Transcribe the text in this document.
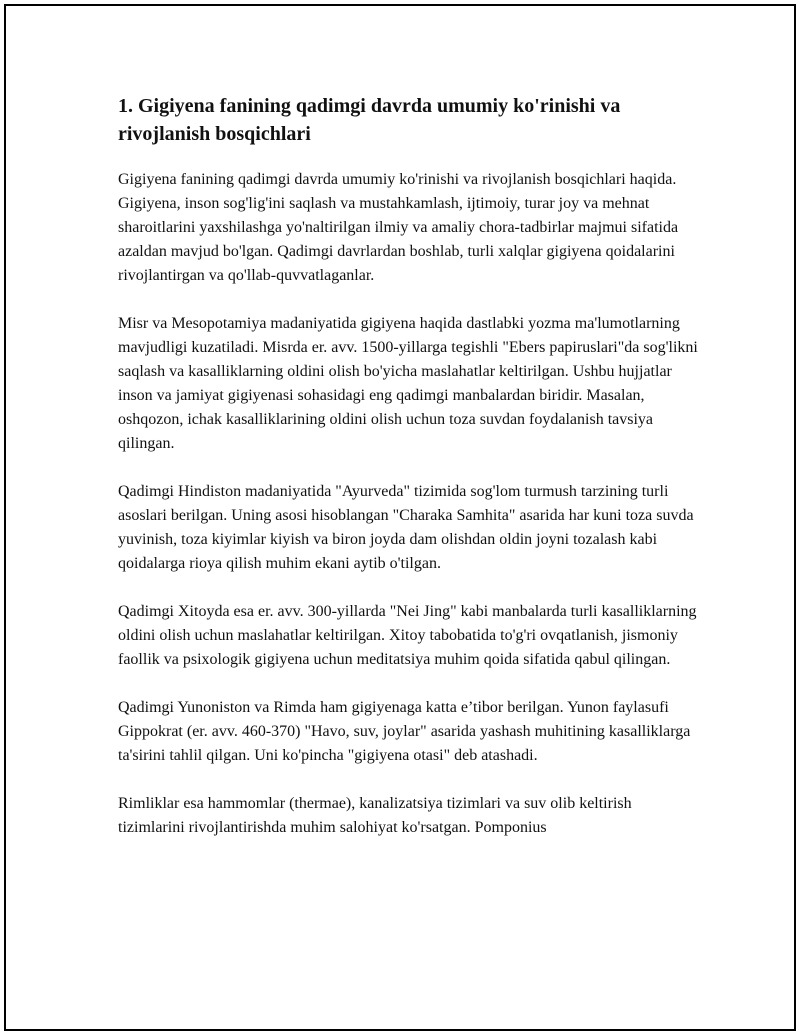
1. Gigiyena fanining qadimgi davrda umumiy ko'rinishi va rivojlanish bosqichlari

Gigiyena fanining qadimgi davrda umumiy ko'rinishi va rivojlanish bosqichlari haqida. Gigiyena, inson sog'lig'ini saqlash va mustahkamlash, ijtimoiy, turar joy va mehnat sharoitlarini yaxshilashga yo'naltirilgan ilmiy va amaliy chora-tadbirlar majmui sifatida azaldan mavjud bo'lgan. Qadimgi davrlardan boshlab, turli xalqlar gigiyena qoidalarini rivojlantirgan va qo'llab-quvvatlaganlar.

Misr va Mesopotamiya madaniyatida gigiyena haqida dastlabki yozma ma'lumotlarning mavjudligi kuzatiladi. Misrda er. avv. 1500-yillarga tegishli "Ebers papiruslari"da sog'likni saqlash va kasalliklarning oldini olish bo'yicha maslahatlar keltirilgan. Ushbu hujjatlar inson va jamiyat gigiyenasi sohasidagi eng qadimgi manbalardan biridir. Masalan, oshqozon, ichak kasalliklarining oldini olish uchun toza suvdan foydalanish tavsiya qilingan.

Qadimgi Hindiston madaniyatida "Ayurveda" tizimida sog'lom turmush tarzining turli asoslari berilgan. Uning asosi hisoblangan "Charaka Samhita" asarida har kuni toza suvda yuvinish, toza kiyimlar kiyish va biron joyda dam olishdan oldin joyni tozalash kabi qoidalarga rioya qilish muhim ekani aytib o'tilgan.

Qadimgi Xitoyda esa er. avv. 300-yillarda "Nei Jing" kabi manbalarda turli kasalliklarning oldini olish uchun maslahatlar keltirilgan. Xitoy tabobatida to'g'ri ovqatlanish, jismoniy faollik va psixologik gigiyena uchun meditatsiya muhim qoida sifatida qabul qilingan.

Qadimgi Yunoniston va Rimda ham gigiyenaga katta e’tibor berilgan. Yunon faylasufi Gippokrat (er. avv. 460-370) "Havo, suv, joylar" asarida yashash muhitining kasalliklarga ta'sirini tahlil qilgan. Uni ko'pincha "gigiyena otasi" deb atashadi.

Rimliklar esa hammomlar (thermae), kanalizatsiya tizimlari va suv olib keltirish tizimlarini rivojlantirishda muhim salohiyat ko'rsatgan. Pomponius
